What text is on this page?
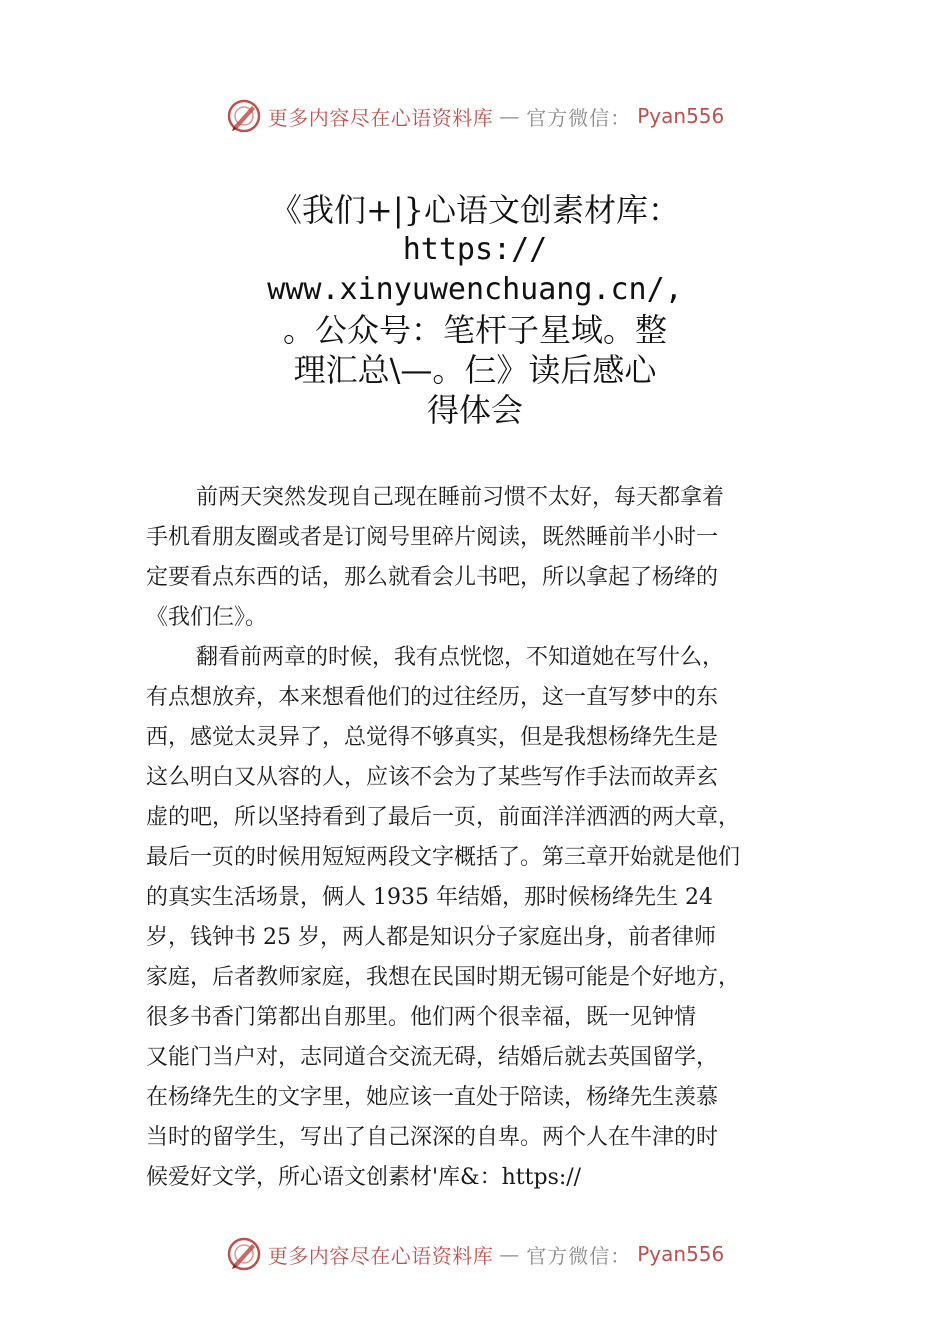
更多内容尽在心语资料库 — 官方微信： Pyan556
《我们+|}心语文创素材库：
https://
www.xinyuwenchuang.cn/,
。公众号：笔杆子星域。整
理汇总\—。仨》读后感心
得体会
前两天突然发现自己现在睡前习惯不太好，每天都拿着
手机看朋友圈或者是订阅号里碎片阅读，既然睡前半小时一
定要看点东西的话，那么就看会儿书吧，所以拿起了杨绛的
《我们仨》。
翻看前两章的时候，我有点恍惚，不知道她在写什么，
有点想放弃，本来想看他们的过往经历，这一直写梦中的东
西，感觉太灵异了，总觉得不够真实，但是我想杨绛先生是
这么明白又从容的人，应该不会为了某些写作手法而故弄玄
虚的吧，所以坚持看到了最后一页，前面洋洋洒洒的两大章，
最后一页的时候用短短两段文字概括了。第三章开始就是他们
的真实生活场景，俩人 1935 年结婚，那时候杨绛先生 24
岁，钱钟书 25 岁，两人都是知识分子家庭出身，前者律师
家庭，后者教师家庭，我想在民国时期无锡可能是个好地方，
很多书香门第都出自那里。他们两个很幸福，既一见钟情
又能门当户对，志同道合交流无碍，结婚后就去英国留学，
在杨绛先生的文字里，她应该一直处于陪读，杨绛先生羡慕
当时的留学生，写出了自己深深的自卑。两个人在牛津的时
候爱好文学，所心语文创素材'库&：https://
更多内容尽在心语资料库 — 官方微信： Pyan556
